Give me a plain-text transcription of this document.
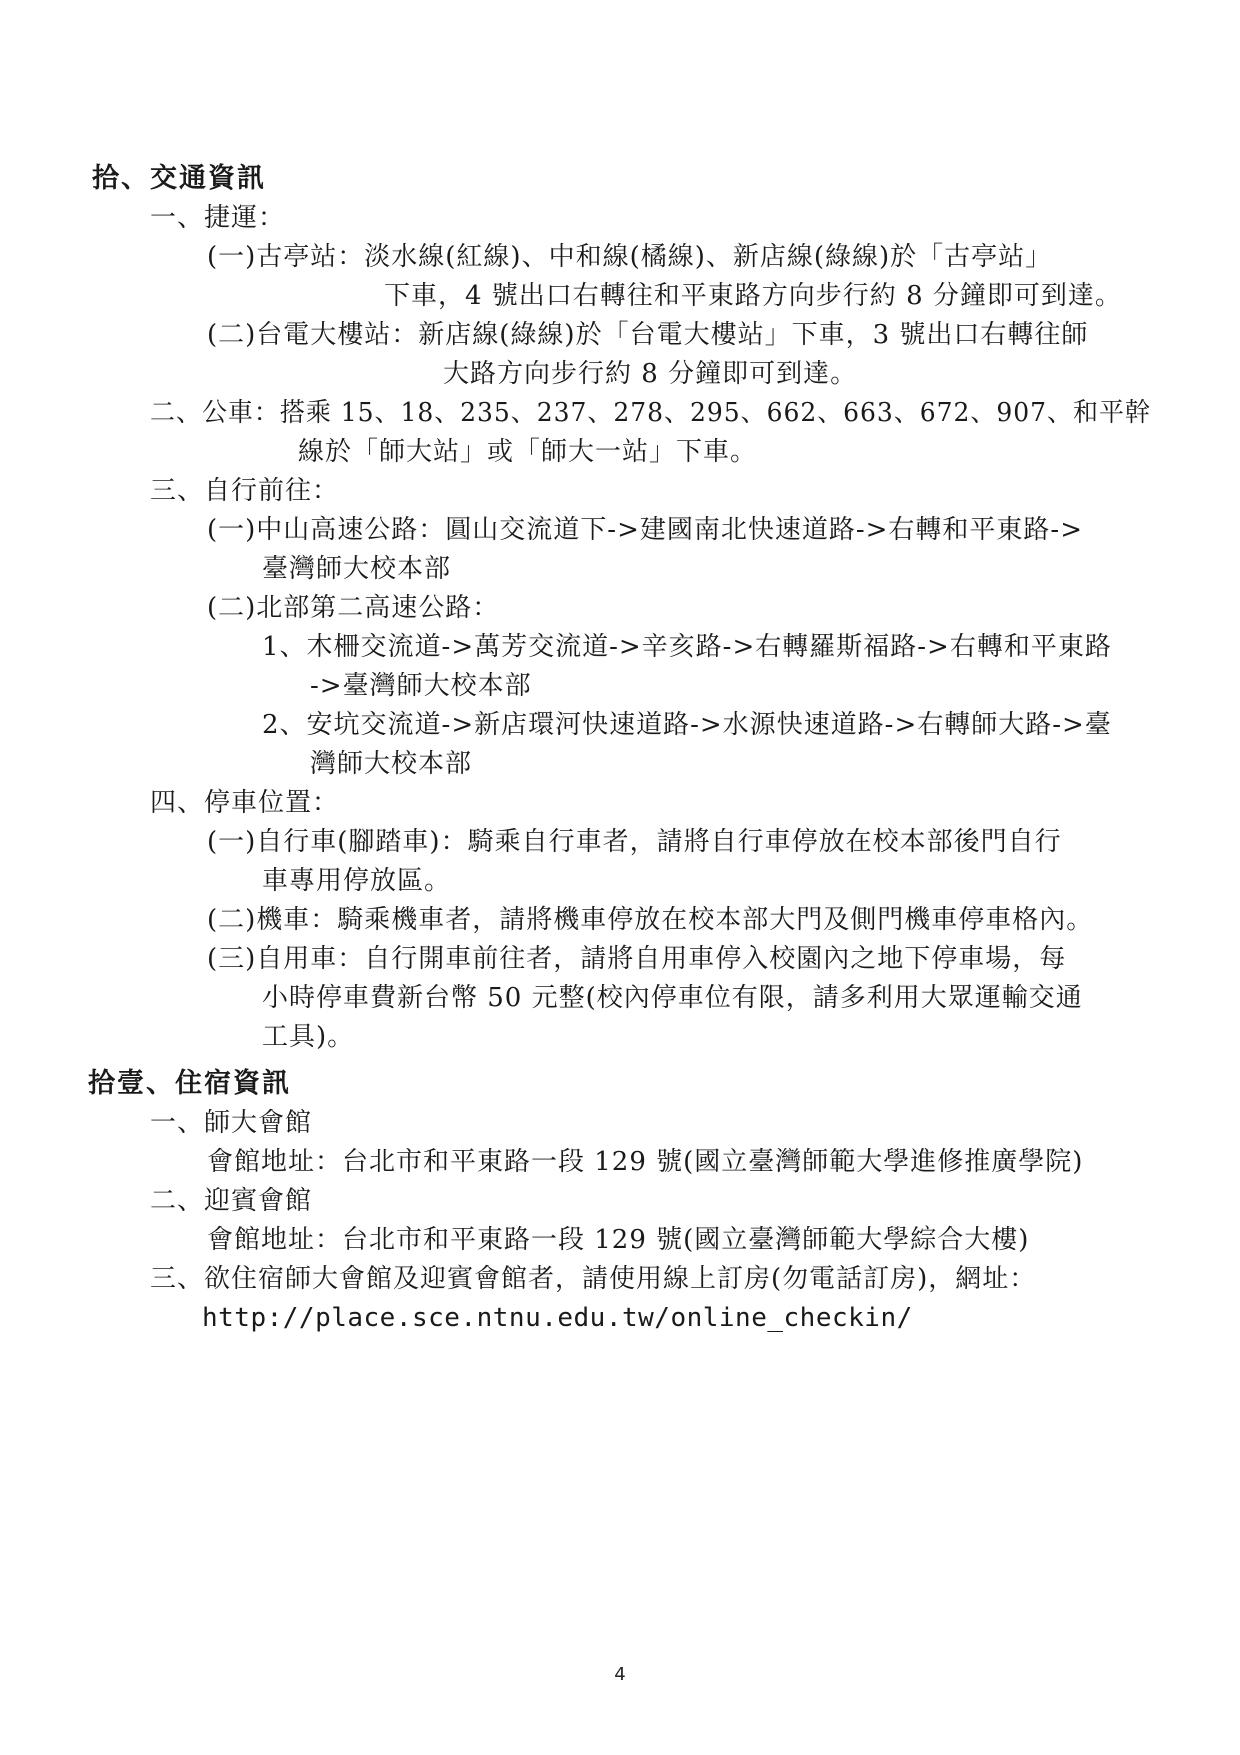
拾、交通資訊
一、捷運：
(一)古亭站：淡水線(紅線)、中和線(橘線)、新店線(綠線)於「古亭站」
下車，4 號出口右轉往和平東路方向步行約 8 分鐘即可到達。
(二)台電大樓站：新店線(綠線)於「台電大樓站」下車，3 號出口右轉往師
大路方向步行約 8 分鐘即可到達。
二、公車：搭乘 15、18、235、237、278、295、662、663、672、907、和平幹
線於「師大站」或「師大一站」下車。
三、自行前往：
(一)中山高速公路：圓山交流道下->建國南北快速道路->右轉和平東路->
臺灣師大校本部
(二)北部第二高速公路：
1、木柵交流道->萬芳交流道->辛亥路->右轉羅斯福路->右轉和平東路
->臺灣師大校本部
2、安坑交流道->新店環河快速道路->水源快速道路->右轉師大路->臺
灣師大校本部
四、停車位置：
(一)自行車(腳踏車)：騎乘自行車者，請將自行車停放在校本部後門自行
車專用停放區。
(二)機車：騎乘機車者，請將機車停放在校本部大門及側門機車停車格內。
(三)自用車：自行開車前往者，請將自用車停入校園內之地下停車場，每
小時停車費新台幣 50 元整(校內停車位有限，請多利用大眾運輸交通
工具)。
拾壹、住宿資訊
一、師大會館
會館地址：台北市和平東路一段 129 號(國立臺灣師範大學進修推廣學院)
二、迎賓會館
會館地址：台北市和平東路一段 129 號(國立臺灣師範大學綜合大樓)
三、欲住宿師大會館及迎賓會館者，請使用線上訂房(勿電話訂房)，網址：
http://place.sce.ntnu.edu.tw/online_checkin/
4
